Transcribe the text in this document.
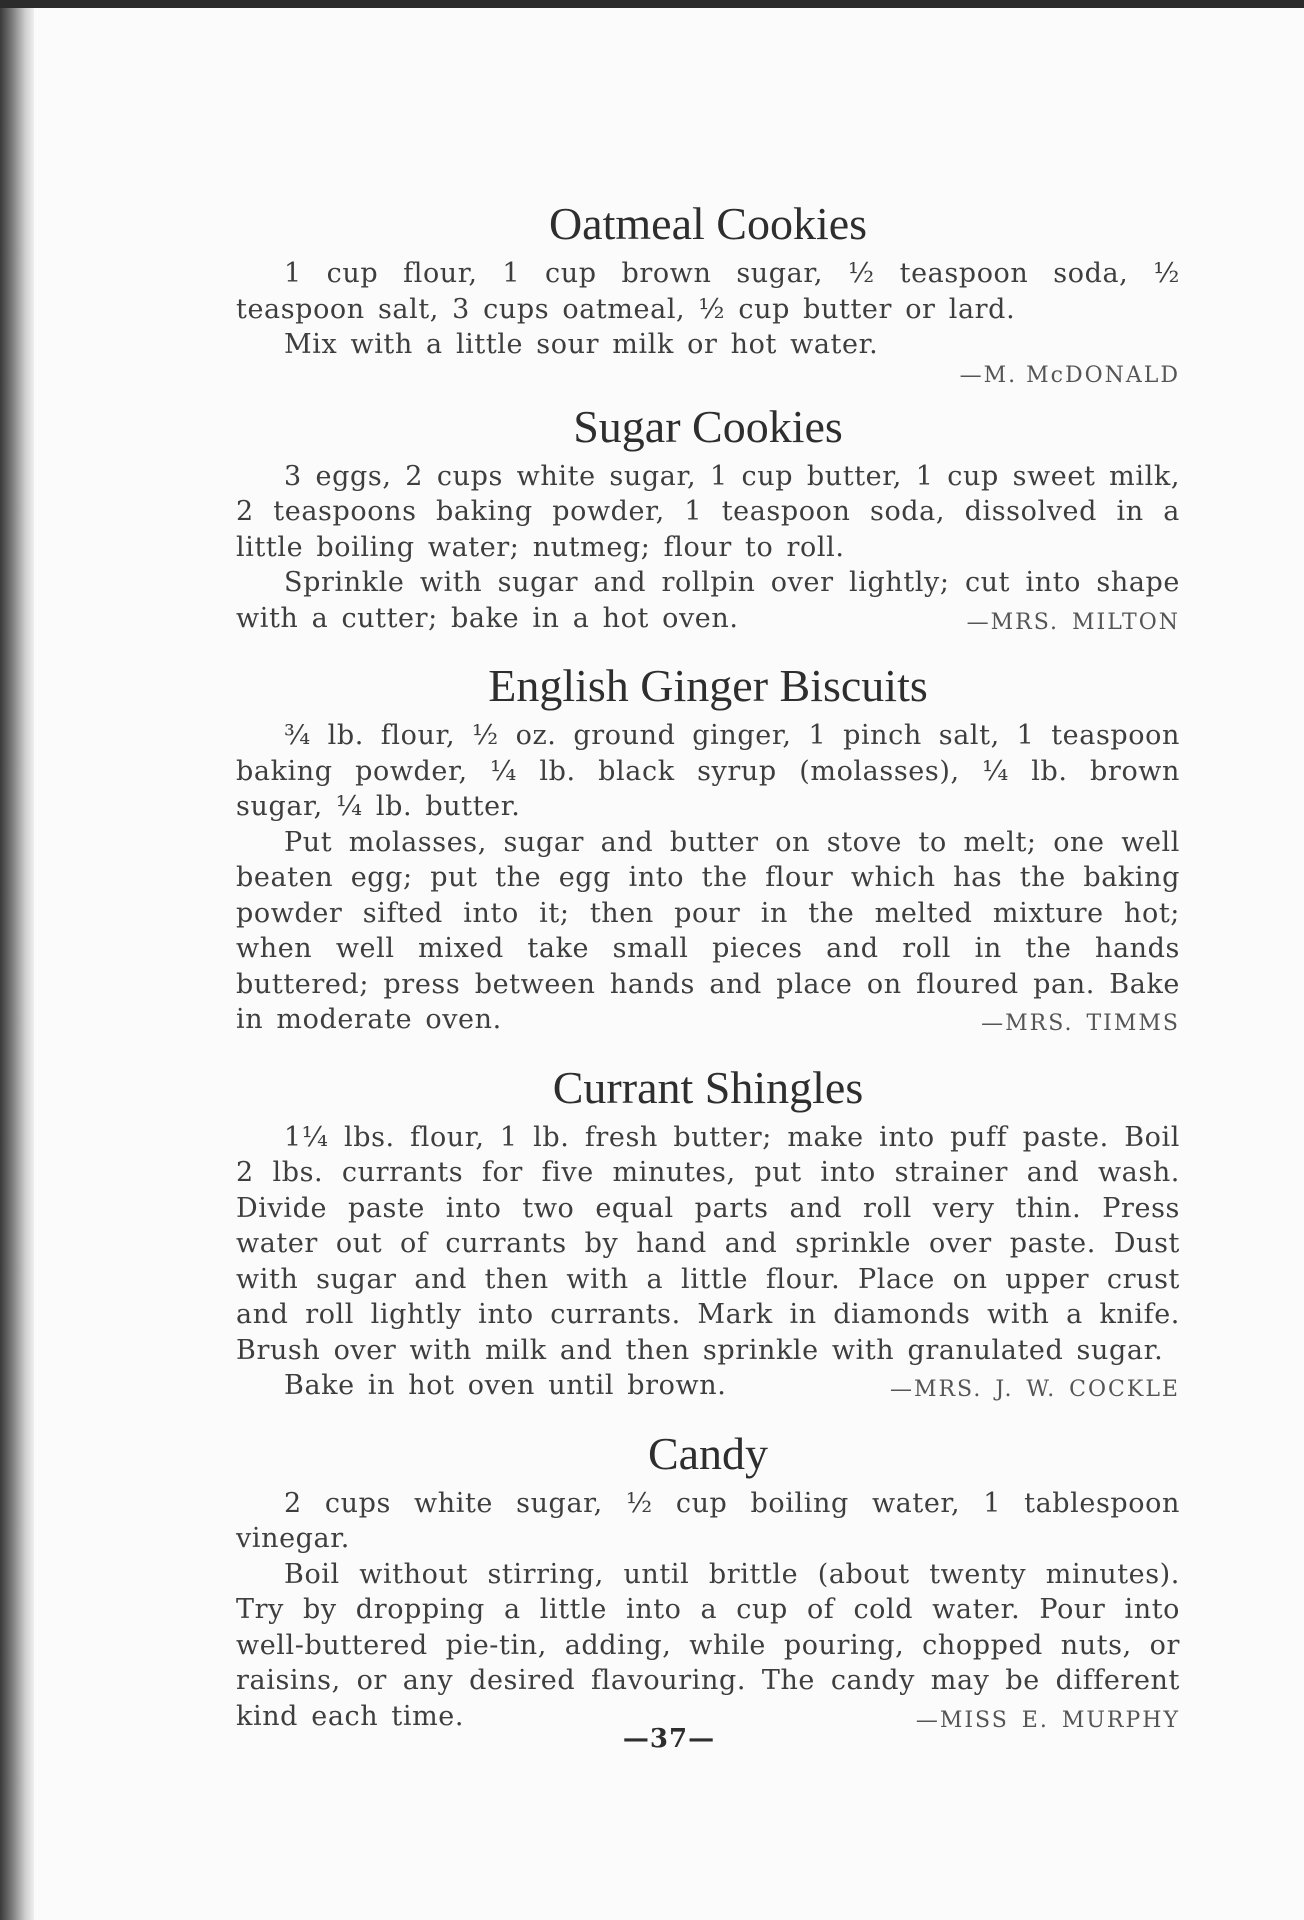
Oatmeal Cookies

1 cup flour, 1 cup brown sugar, ½ teaspoon soda, ½ teaspoon salt, 3 cups oatmeal, ½ cup butter or lard.

Mix with a little sour milk or hot water.

—M. McDONALD

Sugar Cookies

3 eggs, 2 cups white sugar, 1 cup butter, 1 cup sweet milk, 2 teaspoons baking powder, 1 teaspoon soda, dissolved in a little boiling water; nutmeg; flour to roll.

Sprinkle with sugar and rollpin over lightly; cut into shape with a cutter; bake in a hot oven.	—MRS. MILTON

English Ginger Biscuits

¾ lb. flour, ½ oz. ground ginger, 1 pinch salt, 1 teaspoon baking powder, ¼ lb. black syrup (molasses), ¼ lb. brown sugar, ¼ lb. butter.

Put molasses, sugar and butter on stove to melt; one well beaten egg; put the egg into the flour which has the baking powder sifted into it; then pour in the melted mixture hot; when well mixed take small pieces and roll in the hands buttered; press between hands and place on floured pan. Bake in moderate oven.	—MRS. TIMMS

Currant Shingles

1¼ lbs. flour, 1 lb. fresh butter; make into puff paste. Boil 2 lbs. currants for five minutes, put into strainer and wash. Divide paste into two equal parts and roll very thin. Press water out of currants by hand and sprinkle over paste. Dust with sugar and then with a little flour. Place on upper crust and roll lightly into currants. Mark in diamonds with a knife. Brush over with milk and then sprinkle with granulated sugar.

Bake in hot oven until brown.	—MRS. J. W. COCKLE

Candy

2 cups white sugar, ½ cup boiling water, 1 tablespoon vinegar.

Boil without stirring, until brittle (about twenty minutes). Try by dropping a little into a cup of cold water. Pour into well-buttered pie-tin, adding, while pouring, chopped nuts, or raisins, or any desired flavouring. The candy may be different kind each time.	—MISS E. MURPHY

—37—
